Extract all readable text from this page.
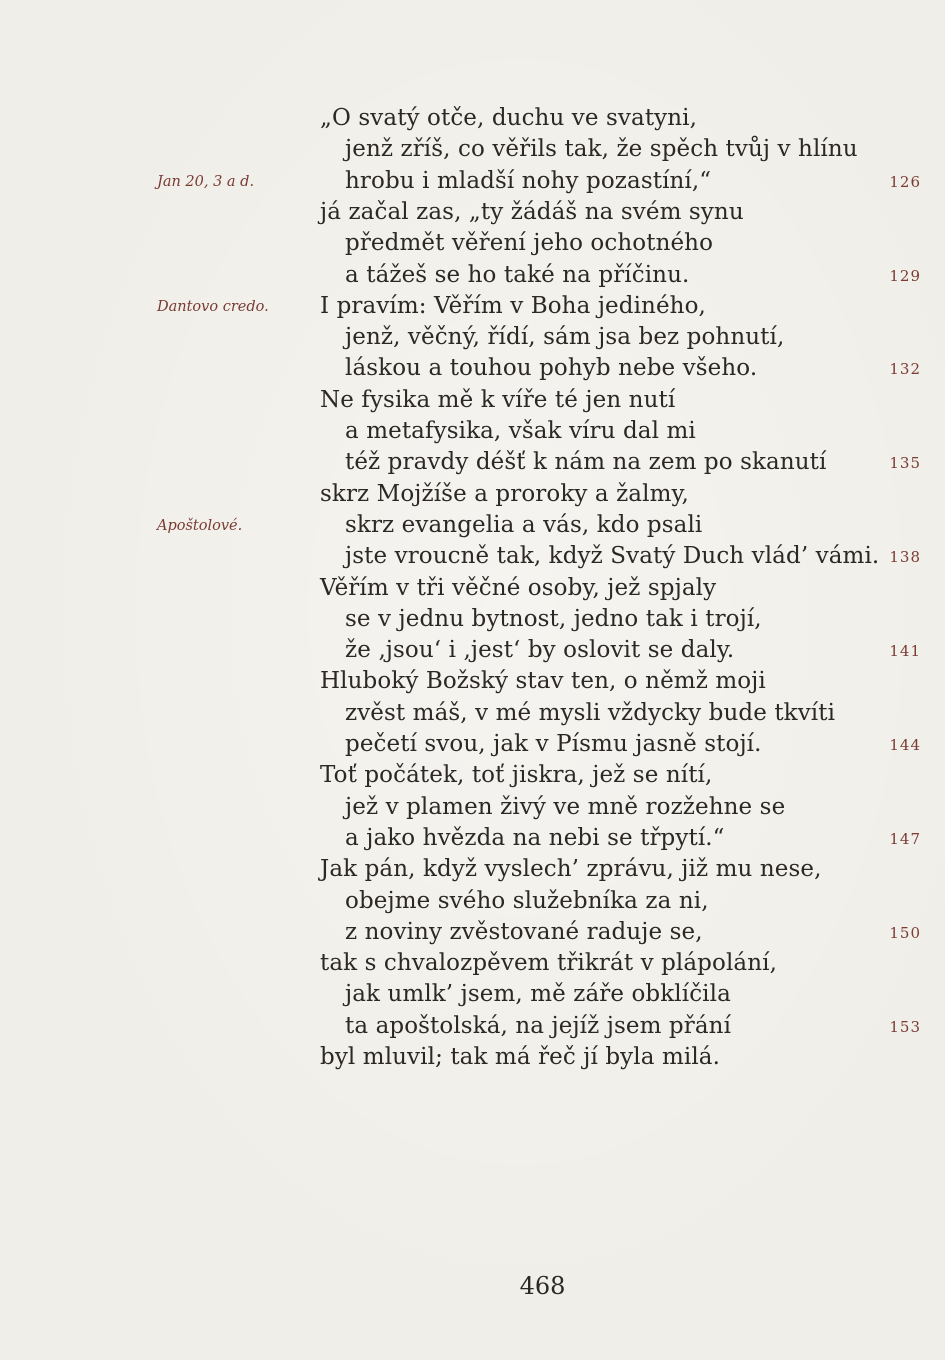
„O svatý otče, duchu ve svatyni,
jenž zříš, co věřils tak, že spěch tvůj v hlínu
hrobu i mladší nohy pozastíní,“	126
já začal zas, „ty žádáš na svém synu
předmět věření jeho ochotného
a tážeš se ho také na příčinu.	129
I pravím: Věřím v Boha jediného,
jenž, věčný, řídí, sám jsa bez pohnutí,
láskou a touhou pohyb nebe všeho.	132
Ne fysika mě k víře té jen nutí
a metafysika, však víru dal mi
též pravdy déšť k nám na zem po skanutí	135
skrz Mojžíše a proroky a žalmy,
skrz evangelia a vás, kdo psali
jste vroucně tak, když Svatý Duch vlád’ vámi. 138
Věřím v tři věčné osoby, jež spjaly
se v jednu bytnost, jedno tak i trojí,
že ‚jsou‘ i ‚jest‘ by oslovit se daly.	141
Hluboký Božský stav ten, o němž moji
zvěst máš, v mé mysli vždycky bude tkvíti
pečetí svou, jak v Písmu jasně stojí.	144
Toť počátek, toť jiskra, jež se nítí,
jež v plamen živý ve mně rozžehne se
a jako hvězda na nebi se třpytí.“	147
Jak pán, když vyslech’ zprávu, již mu nese,
obejme svého služebníka za ni,
z noviny zvěstované raduje se,	150
tak s chvalozpěvem třikrát v plápolání,
jak umlk’ jsem, mě záře obklíčila
ta apoštolská, na jejíž jsem přání	153
byl mluvil; tak má řeč jí byla milá.
Jan 20, 3 a d.
Dantovo credo.
Apoštolové.
468
